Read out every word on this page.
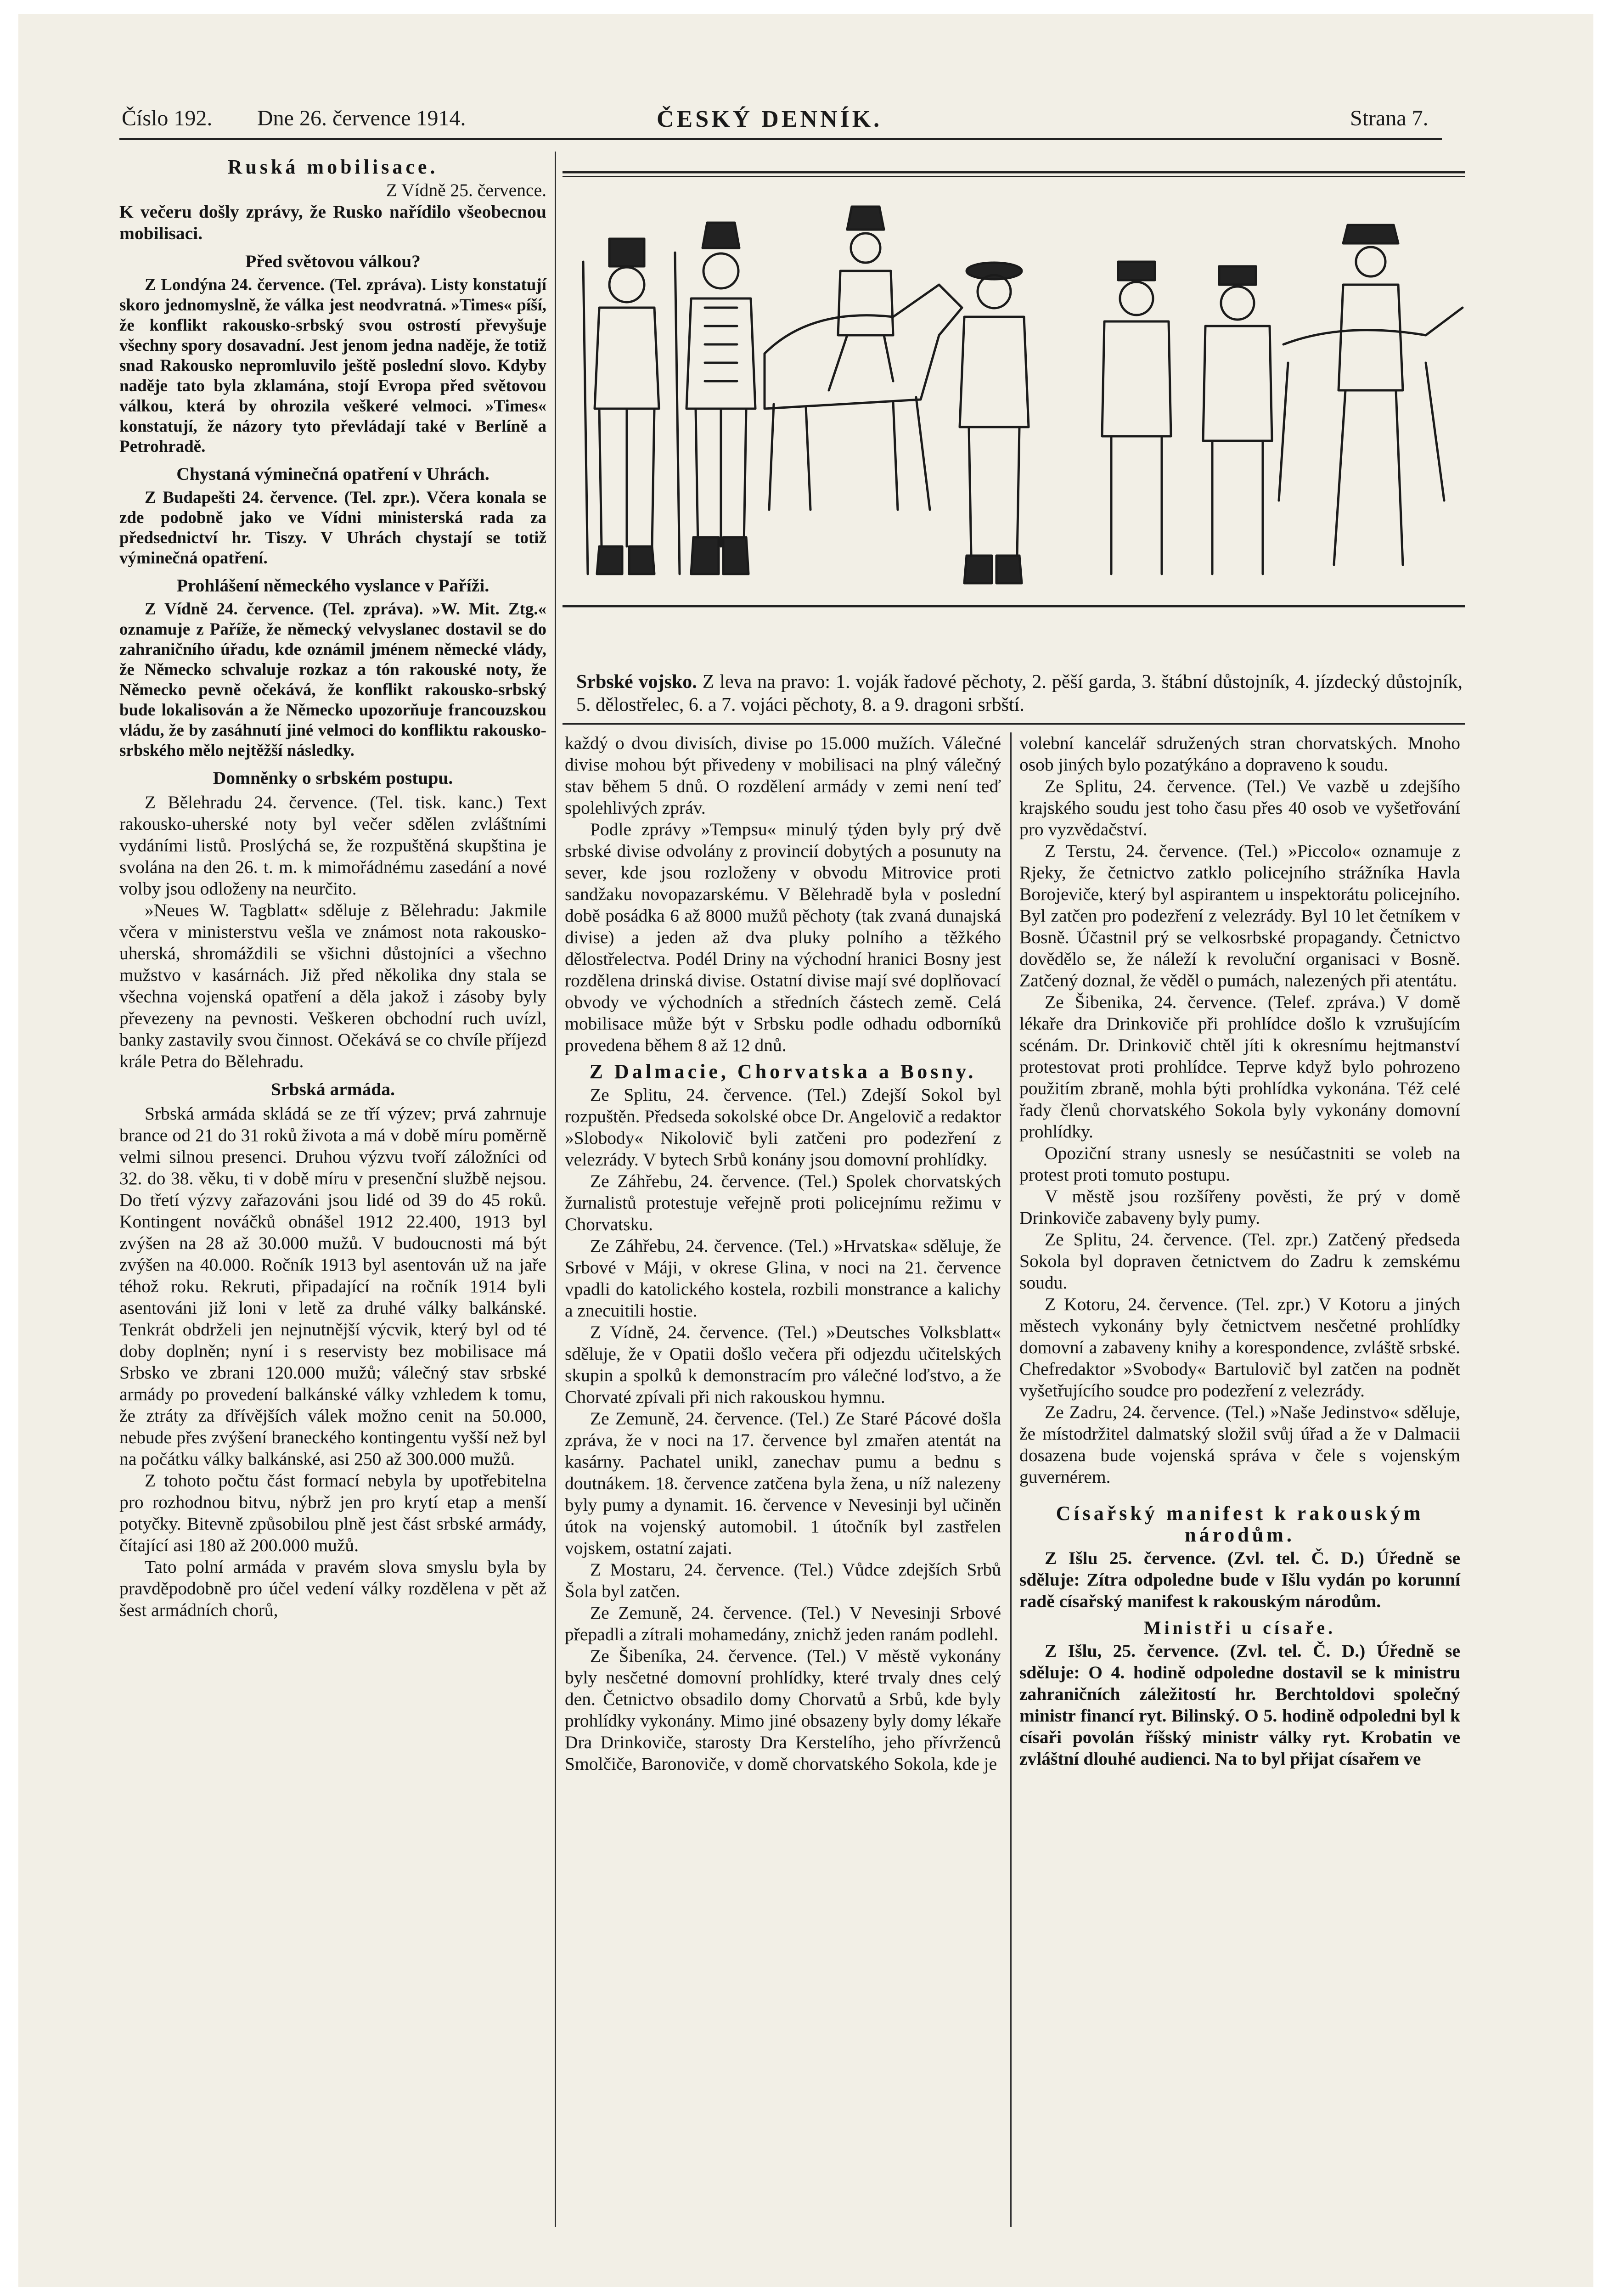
Číslo 192. Dne 26. července 1914.	ČESKÝ DENNÍK.	Strana 7.
Ruská mobilisace.

Z Vídně 25. července.

K večeru došly zprávy, že Rusko nařídilo všeobecnou mobilisaci.

Před světovou válkou?

Z Londýna 24. července. (Tel. zpráva). Listy konstatují skoro jednomyslně, že válka jest neodvratná. »Times« píší, že konflikt rakousko-srbský svou ostrostí převyšuje všechny spory dosavadní. Jest jenom jedna naděje, že totiž snad Rakousko nepromluvilo ještě poslední slovo. Kdyby naděje tato byla zklamána, stojí Evropa před světovou válkou, která by ohrozila veškeré velmoci. »Times« konstatují, že názory tyto převládají také v Berlíně a Petrohradě.

Chystaná výminečná opatření v Uhrách.

Z Budapešti 24. července. (Tel. zpr.). Včera konala se zde podobně jako ve Vídni ministerská rada za předsednictví hr. Tiszy. V Uhrách chystají se totiž výminečná opatření.

Prohlášení německého vyslance v Paříži.

Z Vídně 24. července. (Tel. zpráva). »W. Mit. Ztg.« oznamuje z Paříže, že německý velvyslanec dostavil se do zahraničního úřadu, kde oznámil jménem německé vlády, že Německo schvaluje rozkaz a tón rakouské noty, že Německo pevně očekává, že konflikt rakousko-srbský bude lokalisován a že Německo upozorňuje francouzskou vládu, že by zasáhnutí jiné velmoci do konfliktu rakousko-srbského mělo nejtěžší následky.

Domněnky o srbském postupu.

Z Bělehradu 24. července. (Tel. tisk. kanc.) Text rakousko-uherské noty byl večer sdělen zvláštními vydáními listů. Proslýchá se, že rozpuštěná skupština je svolána na den 26. t. m. k mimořádnému zasedání a nové volby jsou odloženy na neurčito.

»Neues W. Tagblatt« sděluje z Bělehradu: Jakmile včera v ministerstvu vešla ve známost nota rakousko-uherská, shromáždili se všichni důstojníci a všechno mužstvo v kasárnách. Již před několika dny stala se všechna vojenská opatření a děla jakož i zásoby byly převezeny na pevnosti. Veškeren obchodní ruch uvízl, banky zastavily svou činnost. Očekává se co chvíle příjezd krále Petra do Bělehradu.

Srbská armáda.

Srbská armáda skládá se ze tří výzev; prvá zahrnuje brance od 21 do 31 roků života a má v době míru poměrně velmi silnou presenci. Druhou výzvu tvoří záložníci od 32. do 38. věku, ti v době míru v presenční službě nejsou. Do třetí výzvy zařazováni jsou lidé od 39 do 45 roků. Kontingent nováčků obnášel 1912 22.400, 1913 byl zvýšen na 28 až 30.000 mužů. V budoucnosti má být zvýšen na 40.000. Ročník 1913 byl asentován už na jaře téhož roku. Rekruti, připadající na ročník 1914 byli asentováni již loni v letě za druhé války balkánské. Tenkrát obdrželi jen nejnutnější výcvik, který byl od té doby doplněn; nyní i s reservisty bez mobilisace má Srbsko ve zbrani 120.000 mužů; válečný stav srbské armády po provedení balkánské války vzhledem k tomu, že ztráty za dřívějších válek možno cenit na 50.000, nebude přes zvýšení braneckého kontingentu vyšší než byl na počátku války balkánské, asi 250 až 300.000 mužů.

Z tohoto počtu část formací nebyla by upotřebitelna pro rozhodnou bitvu, nýbrž jen pro krytí etap a menší potyčky. Bitevně způsobilou plně jest část srbské armády, čítající asi 180 až 200.000 mužů.

Tato polní armáda v pravém slova smyslu byla by pravděpodobně pro účel vedení války rozdělena v pět až šest armádních chorů,

Srbské vojsko. Z leva na pravo: 1. voják řadové pěchoty, 2. pěší garda, 3. štábní důstojník, 4. jízdecký důstojník, 5. dělostřelec, 6. a 7. vojáci pěchoty, 8. a 9. dragoni srbští.

každý o dvou divisích, divise po 15.000 mužích. Válečné divise mohou být přivedeny v mobilisaci na plný válečný stav během 5 dnů. O rozdělení armády v zemi není teď spolehlivých zpráv.

Podle zprávy »Tempsu« minulý týden byly prý dvě srbské divise odvolány z provincií dobytých a posunuty na sever, kde jsou rozloženy v obvodu Mitrovice proti sandžaku novopazarskému. V Bělehradě byla v poslední době posádka 6 až 8000 mužů pěchoty (tak zvaná dunajská divise) a jeden až dva pluky polního a těžkého dělostřelectva. Podél Driny na východní hranici Bosny jest rozdělena drinská divise. Ostatní divise mají své doplňovací obvody ve východních a středních částech země. Celá mobilisace může být v Srbsku podle odhadu odborníků provedena během 8 až 12 dnů.

Z Dalmacie, Chorvatska a Bosny.

Ze Splitu, 24. července. (Tel.) Zdejší Sokol byl rozpuštěn. Předseda sokolské obce Dr. Angelovič a redaktor »Slobody« Nikolovič byli zatčeni pro podezření z velezrády. V bytech Srbů konány jsou domovní prohlídky.

Ze Záhřebu, 24. července. (Tel.) Spolek chorvatských žurnalistů protestuje veřejně proti policejnímu režimu v Chorvatsku.

Ze Záhřebu, 24. července. (Tel.) »Hrvatska« sděluje, že Srbové v Máji, v okrese Glina, v noci na 21. července vpadli do katolického kostela, rozbili monstrance a kalichy a znecuitili hostie.

Z Vídně, 24. července. (Tel.) »Deutsches Volksblatt« sděluje, že v Opatii došlo večera při odjezdu učitelských skupin a spolků k demonstracím pro válečné loďstvo, a že Chorvaté zpívali při nich rakouskou hymnu.

Ze Zemuně, 24. července. (Tel.) Ze Staré Pácové došla zpráva, že v noci na 17. července byl zmařen atentát na kasárny. Pachatel unikl, zanechav pumu a bednu s doutnákem. 18. července zatčena byla žena, u níž nalezeny byly pumy a dynamit. 16. července v Nevesinji byl učiněn útok na vojenský automobil. 1 útočník byl zastřelen vojskem, ostatní zajati.

Z Mostaru, 24. července. (Tel.) Vůdce zdejších Srbů Šola byl zatčen.

Ze Zemuně, 24. července. (Tel.) V Nevesinji Srbové přepadli a zítrali mohamedány, znichž jeden ranám podlehl.

Ze Šibeníka, 24. července. (Tel.) V městě vykonány byly nesčetné domovní prohlídky, které trvaly dnes celý den. Četnictvo obsadilo domy Chorvatů a Srbů, kde byly prohlídky vykonány. Mimo jiné obsazeny byly domy lékaře Dra Drinkoviče, starosty Dra Kerstelího, jeho přívrženců Smolčiče, Baronoviče, v domě chorvatského Sokola, kde je

volební kancelář sdružených stran chorvatských. Mnoho osob jiných bylo pozatýkáno a dopraveno k soudu.

Ze Splitu, 24. července. (Tel.) Ve vazbě u zdejšího krajského soudu jest toho času přes 40 osob ve vyšetřování pro vyzvědačství.

Z Terstu, 24. července. (Tel.) »Piccolo« oznamuje z Rjeky, že četnictvo zatklo policejního strážníka Havla Borojeviče, který byl aspirantem u inspektorátu policejního. Byl zatčen pro podezření z velezrády. Byl 10 let četníkem v Bosně. Účastnil prý se velkosrbské propagandy. Četnictvo dovědělo se, že náleží k revoluční organisaci v Bosně. Zatčený doznal, že věděl o pumách, nalezených při atentátu.

Ze Šibenika, 24. července. (Telef. zpráva.) V domě lékaře dra Drinkoviče při prohlídce došlo k vzrušujícím scénám. Dr. Drinkovič chtěl jíti k okresnímu hejtmanství protestovat proti prohlídce. Teprve když bylo pohrozeno použitím zbraně, mohla býti prohlídka vykonána. Též celé řady členů chorvatského Sokola byly vykonány domovní prohlídky.

Opoziční strany usnesly se nesúčastniti se voleb na protest proti tomuto postupu.

V městě jsou rozšířeny pověsti, že prý v domě Drinkoviče zabaveny byly pumy.

Ze Splitu, 24. července. (Tel. zpr.) Zatčený předseda Sokola byl dopraven četnictvem do Zadru k zemskému soudu.

Z Kotoru, 24. července. (Tel. zpr.) V Kotoru a jiných městech vykonány byly četnictvem nesčetné prohlídky domovní a zabaveny knihy a korespondence, zvláště srbské. Chefredaktor »Svobody« Bartulovič byl zatčen na podnět vyšetřujícího soudce pro podezření z velezrády.

Ze Zadru, 24. července. (Tel.) »Naše Jedinstvo« sděluje, že místodržitel dalmatský složil svůj úřad a že v Dalmacii dosazena bude vojenská správa v čele s vojenským guvernérem.

Císařský manifest k rakouským národům.

Z Išlu 25. července. (Zvl. tel. Č. D.) Úředně se sděluje: Zítra odpoledne bude v Išlu vydán po korunní radě císařský manifest k rakouským národům.

Ministři u císaře.

Z Išlu, 25. července. (Zvl. tel. Č. D.) Úředně se sděluje: O 4. hodině odpoledne dostavil se k ministru zahraničních záležitostí hr. Berchtoldovi společný ministr financí ryt. Bilinský. O 5. hodině odpoledni byl k císaři povolán říšský ministr války ryt. Krobatin ve zvláštní dlouhé audienci. Na to byl přijat císařem ve
